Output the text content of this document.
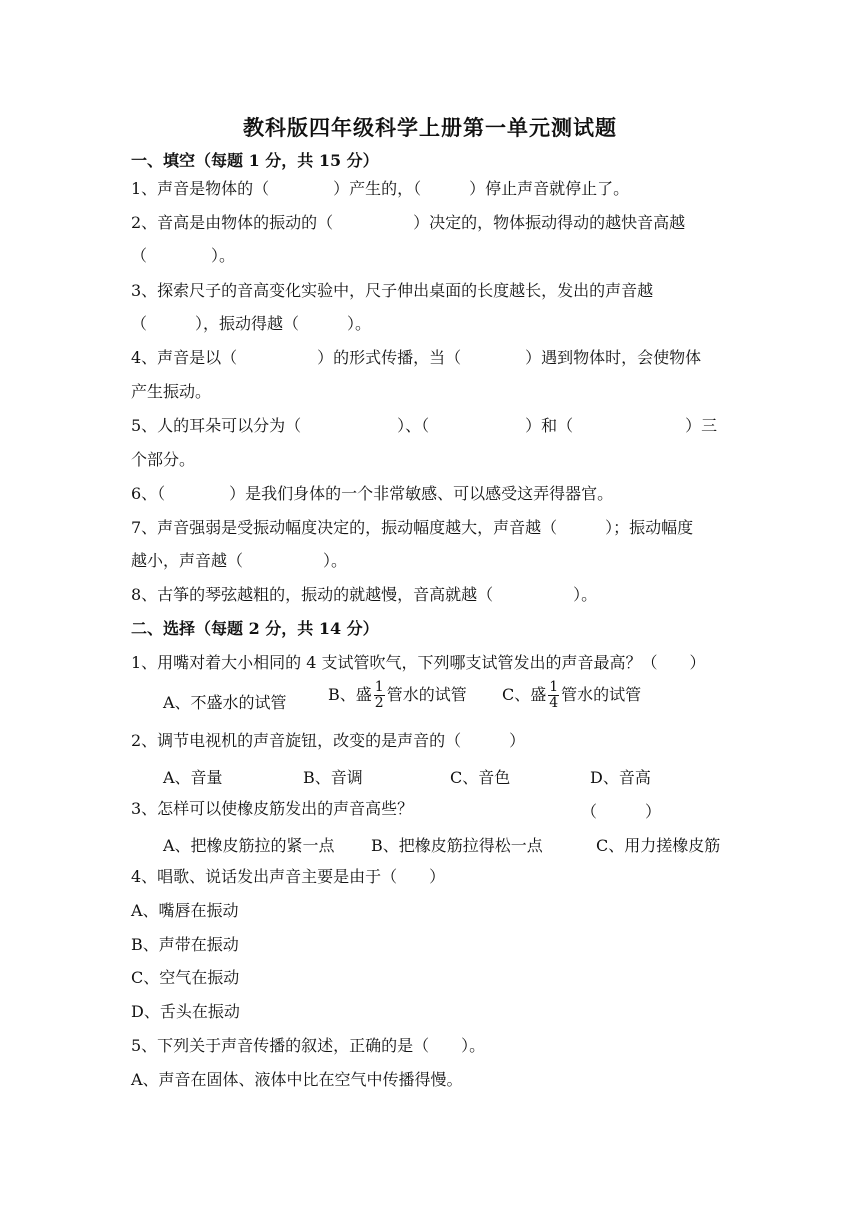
教科版四年级科学上册第一单元测试题
一、填空（每题 1 分，共 15 分）
1、声音是物体的（　　　　）产生的，（　　　）停止声音就停止了。
2、音高是由物体的振动的（　　　　　）决定的，物体振动得动的越快音高越
（　　　　）。
3、探索尺子的音高变化实验中，尺子伸出桌面的长度越长，发出的声音越
（　　　），振动得越（　　　）。
4、声音是以（　　　　　）的形式传播，当（　　　　）遇到物体时，会使物体
产生振动。
5、人的耳朵可以分为（　　　　　　）、（　　　　　　）和（　　　　　　　）三
个部分。
6、（　　　　）是我们身体的一个非常敏感、可以感受这弄得器官。
7、声音强弱是受振动幅度决定的，振动幅度越大，声音越（　　　）；振动幅度
越小，声音越（　　　　　）。
8、古筝的琴弦越粗的，振动的就越慢，音高就越（　　　　　）。
二、选择（每题 2 分，共 14 分）
1、用嘴对着大小相同的 4 支试管吹气，下列哪支试管发出的声音最高？（　　）
A、不盛水的试管	B、盛 $\frac{1}{2}$ 管水的试管 C、盛 $\frac{1}{4}$ 管水的试管
2、调节电视机的声音旋钮，改变的是声音的（　　　）
A、音量	B、音调	C、音色	D、音高
3、怎样可以使橡皮筋发出的声音高些？	（　　　）
A、把橡皮筋拉的紧一点 B、把橡皮筋拉得松一点	C、用力搓橡皮筋
4、唱歌、说话发出声音主要是由于（　　）
A、嘴唇在振动
B、声带在振动
C、空气在振动
D、舌头在振动
5、下列关于声音传播的叙述，正确的是（　　）。
A、声音在固体、液体中比在空气中传播得慢。
